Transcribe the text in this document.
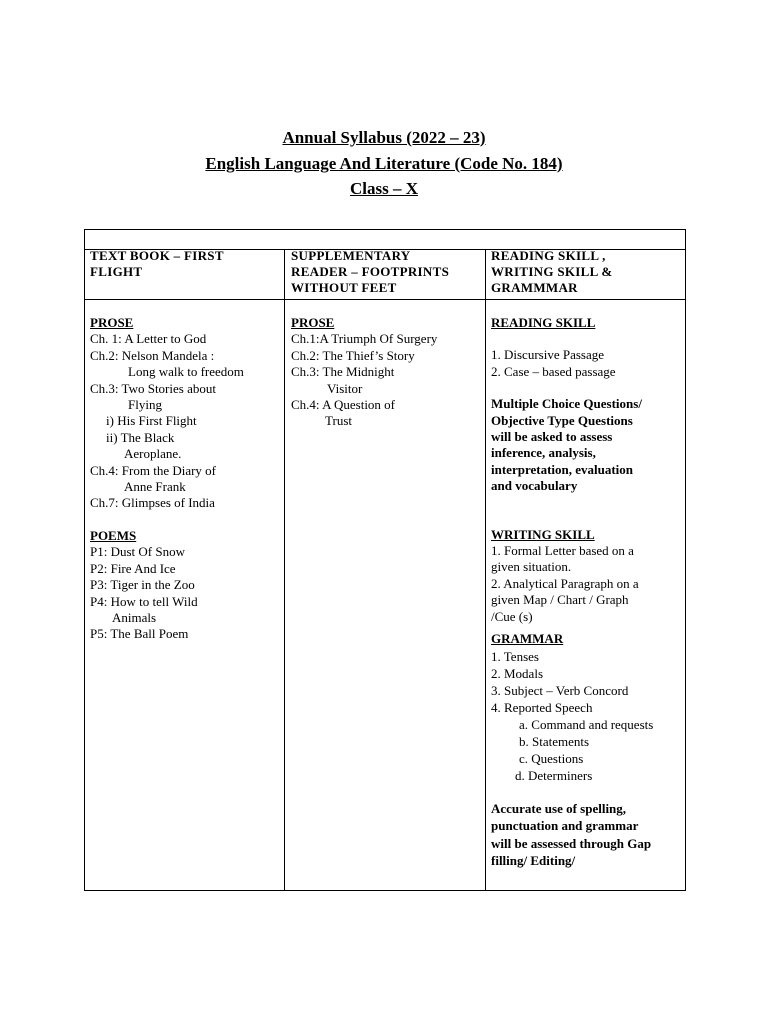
Annual Syllabus (2022 – 23)
English Language And Literature (Code No. 184)
Class – X
TEXT BOOK – FIRST
FLIGHT
SUPPLEMENTARY
READER – FOOTPRINTS
WITHOUT FEET
READING SKILL ,
WRITING SKILL &
GRAMMMAR
PROSE
Ch. 1: A Letter to God
Ch.2: Nelson Mandela :
Long walk to freedom
Ch.3: Two Stories about
Flying
i) His First Flight
ii) The Black
Aeroplane.
Ch.4: From the Diary of
Anne Frank
Ch.7: Glimpses of India
POEMS
P1: Dust Of Snow
P2: Fire And Ice
P3: Tiger in the Zoo
P4: How to tell Wild
Animals
P5: The Ball Poem
PROSE
Ch.1:A Triumph Of Surgery
Ch.2: The Thief’s Story
Ch.3: The Midnight
Visitor
Ch.4: A Question of
Trust
READING SKILL
1. Discursive Passage
2. Case – based passage
Multiple Choice Questions/
Objective Type Questions
will be asked to assess
inference, analysis,
interpretation, evaluation
and vocabulary
WRITING SKILL
1. Formal Letter based on a
given situation.
2. Analytical Paragraph on a
given Map / Chart / Graph
/Cue (s)
GRAMMAR
1. Tenses
2. Modals
3. Subject – Verb Concord
4. Reported Speech
a. Command and requests
b. Statements
c. Questions
d. Determiners
Accurate use of spelling,
punctuation and grammar
will be assessed through Gap
filling/ Editing/
